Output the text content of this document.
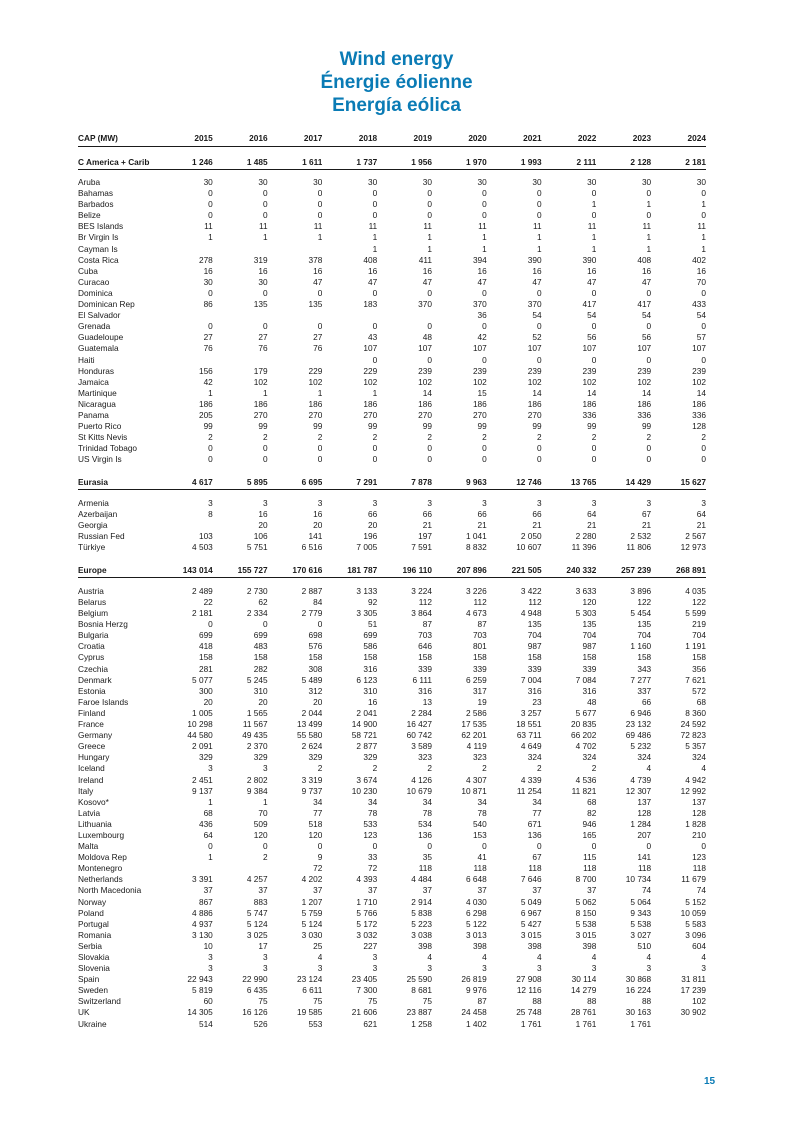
Wind energy
Énergie éolienne
Energía eólica
CAP (MW)	2015	2016	2017	2018	2019	2020	2021	2022	2023	2024

C America + Carib	1 246	1 485	1 611	1 737	1 956	1 970	1 993	2 111	2 128	2 181

Aruba	30	30	30	30	30	30	30	30	30	30
Bahamas	0	0	0	0	0	0	0	0	0	0
Barbados	0	0	0	0	0	0	0	1	1	1
Belize	0	0	0	0	0	0	0	0	0	0
BES Islands	11	11	11	11	11	11	11	11	11	11
Br Virgin Is	1	1	1	1	1	1	1	1	1	1
Cayman Is				1	1	1	1	1	1	1
Costa Rica	278	319	378	408	411	394	390	390	408	402
Cuba	16	16	16	16	16	16	16	16	16	16
Curacao	30	30	47	47	47	47	47	47	47	70
Dominica	0	0	0	0	0	0	0	0	0	0
Dominican Rep	86	135	135	183	370	370	370	417	417	433
El Salvador						36	54	54	54	54
Grenada	0	0	0	0	0	0	0	0	0	0
Guadeloupe	27	27	27	43	48	42	52	56	56	57
Guatemala	76	76	76	107	107	107	107	107	107	107
Haiti				0	0	0	0	0	0	0
Honduras	156	179	229	229	239	239	239	239	239	239
Jamaica	42	102	102	102	102	102	102	102	102	102
Martinique	1	1	1	1	14	15	14	14	14	14
Nicaragua	186	186	186	186	186	186	186	186	186	186
Panama	205	270	270	270	270	270	270	336	336	336
Puerto Rico	99	99	99	99	99	99	99	99	99	128
St Kitts Nevis	2	2	2	2	2	2	2	2	2	2
Trinidad Tobago	0	0	0	0	0	0	0	0	0	0
US Virgin Is	0	0	0	0	0	0	0	0	0	0

Eurasia	4 617	5 895	6 695	7 291	7 878	9 963	12 746	13 765	14 429	15 627

Armenia	3	3	3	3	3	3	3	3	3	3
Azerbaijan	8	16	16	66	66	66	66	64	67	64
Georgia		20	20	20	21	21	21	21	21	21
Russian Fed	103	106	141	196	197	1 041	2 050	2 280	2 532	2 567
Türkiye	4 503	5 751	6 516	7 005	7 591	8 832	10 607	11 396	11 806	12 973

Europe	143 014	155 727	170 616	181 787	196 110	207 896	221 505	240 332	257 239	268 891

Austria	2 489	2 730	2 887	3 133	3 224	3 226	3 422	3 633	3 896	4 035
Belarus	22	62	84	92	112	112	112	120	122	122
Belgium	2 181	2 334	2 779	3 305	3 864	4 673	4 948	5 303	5 454	5 599
Bosnia Herzg	0	0	0	51	87	87	135	135	135	219
Bulgaria	699	699	698	699	703	703	704	704	704	704
Croatia	418	483	576	586	646	801	987	987	1 160	1 191
Cyprus	158	158	158	158	158	158	158	158	158	158
Czechia	281	282	308	316	339	339	339	339	343	356
Denmark	5 077	5 245	5 489	6 123	6 111	6 259	7 004	7 084	7 277	7 621
Estonia	300	310	312	310	316	317	316	316	337	572
Faroe Islands	20	20	20	16	13	19	23	48	66	68
Finland	1 005	1 565	2 044	2 041	2 284	2 586	3 257	5 677	6 946	8 360
France	10 298	11 567	13 499	14 900	16 427	17 535	18 551	20 835	23 132	24 592
Germany	44 580	49 435	55 580	58 721	60 742	62 201	63 711	66 202	69 486	72 823
Greece	2 091	2 370	2 624	2 877	3 589	4 119	4 649	4 702	5 232	5 357
Hungary	329	329	329	329	323	323	324	324	324	324
Iceland	3	3	2	2	2	2	2	2	4	4
Ireland	2 451	2 802	3 319	3 674	4 126	4 307	4 339	4 536	4 739	4 942
Italy	9 137	9 384	9 737	10 230	10 679	10 871	11 254	11 821	12 307	12 992
Kosovo*	1	1	34	34	34	34	34	68	137	137
Latvia	68	70	77	78	78	78	77	82	128	128
Lithuania	436	509	518	533	534	540	671	946	1 284	1 828
Luxembourg	64	120	120	123	136	153	136	165	207	210
Malta	0	0	0	0	0	0	0	0	0	0
Moldova Rep	1	2	9	33	35	41	67	115	141	123
Montenegro			72	72	118	118	118	118	118	118
Netherlands	3 391	4 257	4 202	4 393	4 484	6 648	7 646	8 700	10 734	11 679
North Macedonia	37	37	37	37	37	37	37	37	74	74
Norway	867	883	1 207	1 710	2 914	4 030	5 049	5 062	5 064	5 152
Poland	4 886	5 747	5 759	5 766	5 838	6 298	6 967	8 150	9 343	10 059
Portugal	4 937	5 124	5 124	5 172	5 223	5 122	5 427	5 538	5 538	5 583
Romania	3 130	3 025	3 030	3 032	3 038	3 013	3 015	3 015	3 027	3 096
Serbia	10	17	25	227	398	398	398	398	510	604
Slovakia	3	3	4	3	4	4	4	4	4	4
Slovenia	3	3	3	3	3	3	3	3	3	3
Spain	22 943	22 990	23 124	23 405	25 590	26 819	27 908	30 114	30 868	31 811
Sweden	5 819	6 435	6 611	7 300	8 681	9 976	12 116	14 279	16 224	17 239
Switzerland	60	75	75	75	75	87	88	88	88	102
UK	14 305	16 126	19 585	21 606	23 887	24 458	25 748	28 761	30 163	30 902
Ukraine	514	526	553	621	1 258	1 402	1 761	1 761	1 761	
15
